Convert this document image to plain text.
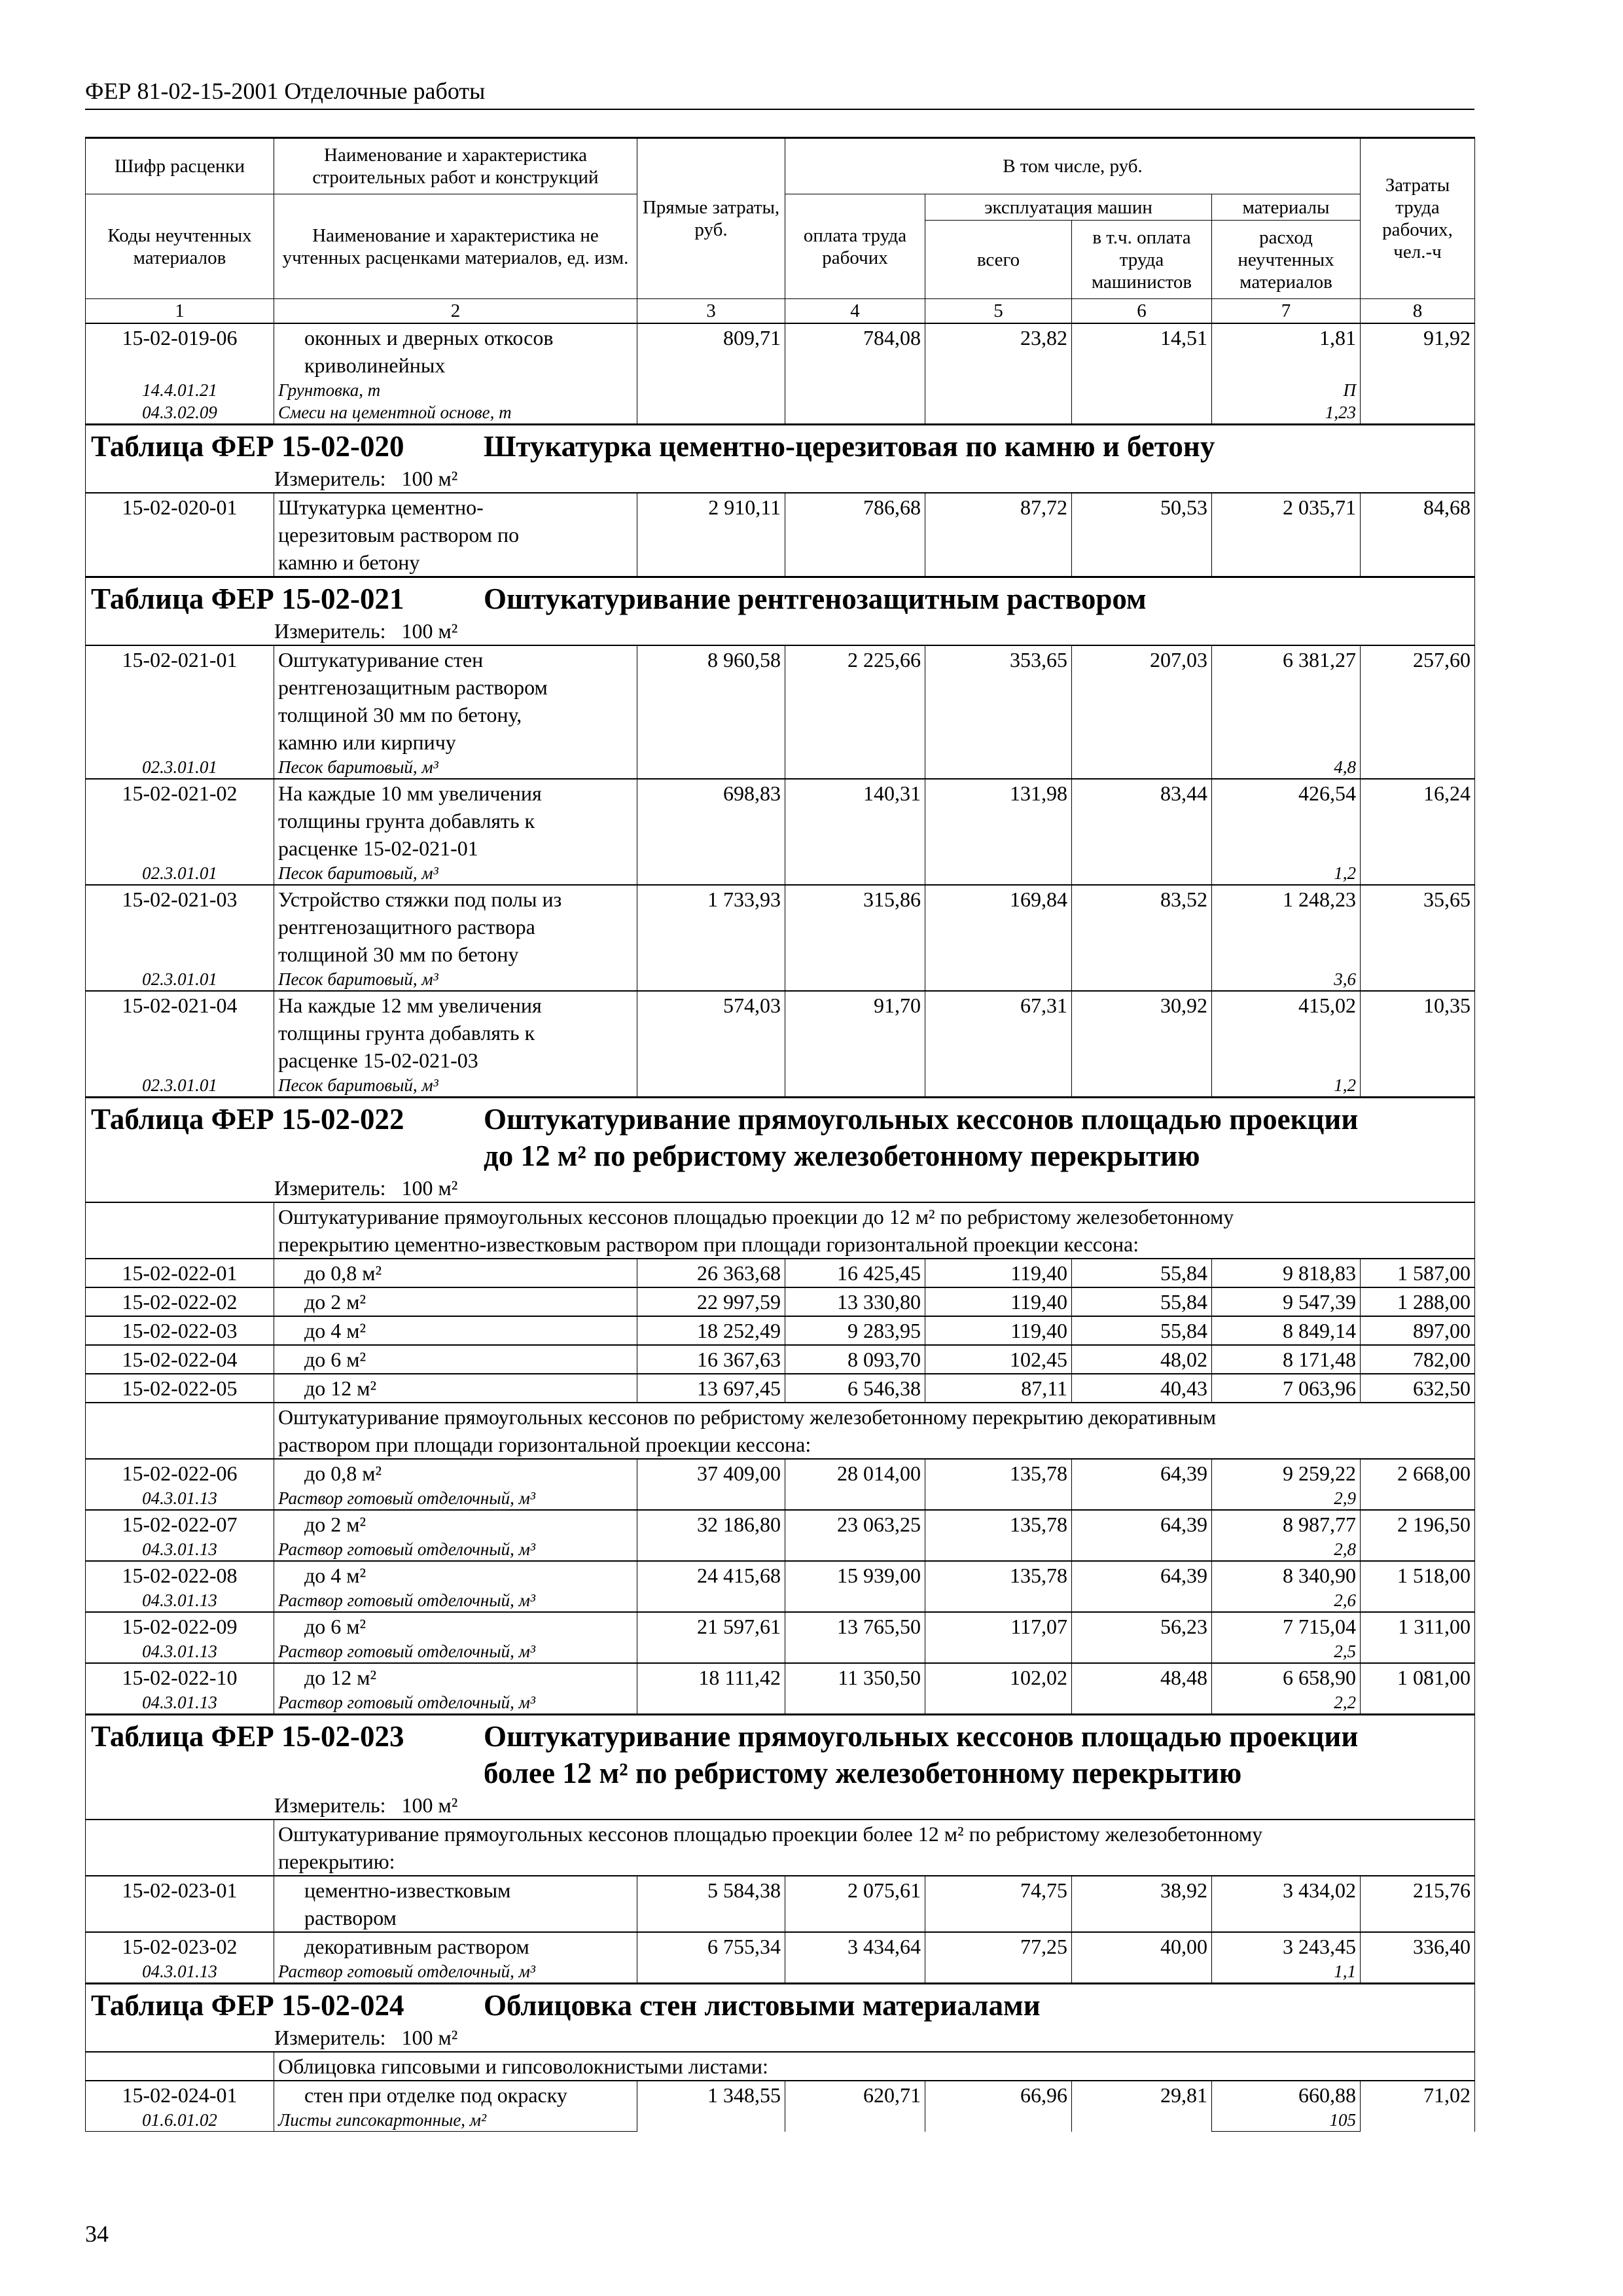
ФЕР 81-02-15-2001 Отделочные работы
Шифр расценки	Наименование и характеристика строительных работ и конструкций	Прямые затраты, руб.	В том числе, руб.				Затраты труда рабочих, чел.-ч
Коды неучтенных материалов	Наименование и характеристика не учтенных расценками материалов, ед. изм.		оплата труда рабочих	эксплуатация машин		материалы	
				всего	в т.ч. оплата труда машинистов	расход неучтенных материалов	
1	2	3	4	5	6	7	8
15-02-019-06	оконных и дверных откосов
криволинейных	809,71	784,08	23,82	14,51	1,81	91,92
14.4.01.21	Грунтовка, т					П	
04.3.02.09	Смеси на цементной основе, т					1,23	

Таблица ФЕР 15-02-020 Штукатурка цементно-церезитовая по камню и бетону
Измеритель: 100 м²							

15-02-020-01	Штукатурка цементно-
церезитовым раствором по
камню и бетону	2 910,11	786,68	87,72	50,53	2 035,71	84,68

Таблица ФЕР 15-02-021 Оштукатуривание рентгенозащитным раствором
Измеритель: 100 м²							

15-02-021-01	Оштукатуривание стен
рентгенозащитным раствором
толщиной 30 мм по бетону,
камню или кирпичу	8 960,58	2 225,66	353,65	207,03	6 381,27	257,60
02.3.01.01	Песок баритовый, м³					4,8	
15-02-021-02	На каждые 10 мм увеличения
толщины грунта добавлять к
расценке 15-02-021-01	698,83	140,31	131,98	83,44	426,54	16,24
02.3.01.01	Песок баритовый, м³					1,2	
15-02-021-03	Устройство стяжки под полы из
рентгенозащитного раствора
толщиной 30 мм по бетону	1 733,93	315,86	169,84	83,52	1 248,23	35,65
02.3.01.01	Песок баритовый, м³					3,6	
15-02-021-04	На каждые 12 мм увеличения
толщины грунта добавлять к
расценке 15-02-021-03	574,03	91,70	67,31	30,92	415,02	10,35
02.3.01.01	Песок баритовый, м³					1,2	

Таблица ФЕР 15-02-022 Оштукатуривание прямоугольных кессонов площадью проекции
до 12 м² по ребристому железобетонному перекрытию
Измеритель: 100 м²							

	Оштукатуривание прямоугольных кессонов площадью проекции до 12 м² по ребристому железобетонному
перекрытию цементно-известковым раствором при площади горизонтальной проекции кессона:						

15-02-022-01	до 0,8 м²	26 363,68	16 425,45	119,40	55,84	9 818,83	1 587,00
15-02-022-02	до 2 м²	22 997,59	13 330,80	119,40	55,84	9 547,39	1 288,00
15-02-022-03	до 4 м²	18 252,49	9 283,95	119,40	55,84	8 849,14	897,00
15-02-022-04	до 6 м²	16 367,63	8 093,70	102,45	48,02	8 171,48	782,00
15-02-022-05	до 12 м²	13 697,45	6 546,38	87,11	40,43	7 063,96	632,50

	Оштукатуривание прямоугольных кессонов по ребристому железобетонному перекрытию декоративным
раствором при площади горизонтальной проекции кессона:						

15-02-022-06	до 0,8 м²	37 409,00	28 014,00	135,78	64,39	9 259,22	2 668,00
04.3.01.13	Раствор готовый отделочный, м³					2,9	
15-02-022-07	до 2 м²	32 186,80	23 063,25	135,78	64,39	8 987,77	2 196,50
04.3.01.13	Раствор готовый отделочный, м³					2,8	
15-02-022-08	до 4 м²	24 415,68	15 939,00	135,78	64,39	8 340,90	1 518,00
04.3.01.13	Раствор готовый отделочный, м³					2,6	
15-02-022-09	до 6 м²	21 597,61	13 765,50	117,07	56,23	7 715,04	1 311,00
04.3.01.13	Раствор готовый отделочный, м³					2,5	
15-02-022-10	до 12 м²	18 111,42	11 350,50	102,02	48,48	6 658,90	1 081,00
04.3.01.13	Раствор готовый отделочный, м³					2,2	

Таблица ФЕР 15-02-023 Оштукатуривание прямоугольных кессонов площадью проекции
более 12 м² по ребристому железобетонному перекрытию
Измеритель: 100 м²							

	Оштукатуривание прямоугольных кессонов площадью проекции более 12 м² по ребристому железобетонному
перекрытию:						

15-02-023-01	цементно-известковым
раствором	5 584,38	2 075,61	74,75	38,92	3 434,02	215,76
15-02-023-02	декоративным раствором	6 755,34	3 434,64	77,25	40,00	3 243,45	336,40
04.3.01.13	Раствор готовый отделочный, м³					1,1	

Таблица ФЕР 15-02-024 Облицовка стен листовыми материалами
Измеритель: 100 м²							

	Облицовка гипсовыми и гипсоволокнистыми листами:						

15-02-024-01	стен при отделке под окраску	1 348,55	620,71	66,96	29,81	660,88	71,02
01.6.01.02	Листы гипсокартонные, м²					105	
34
